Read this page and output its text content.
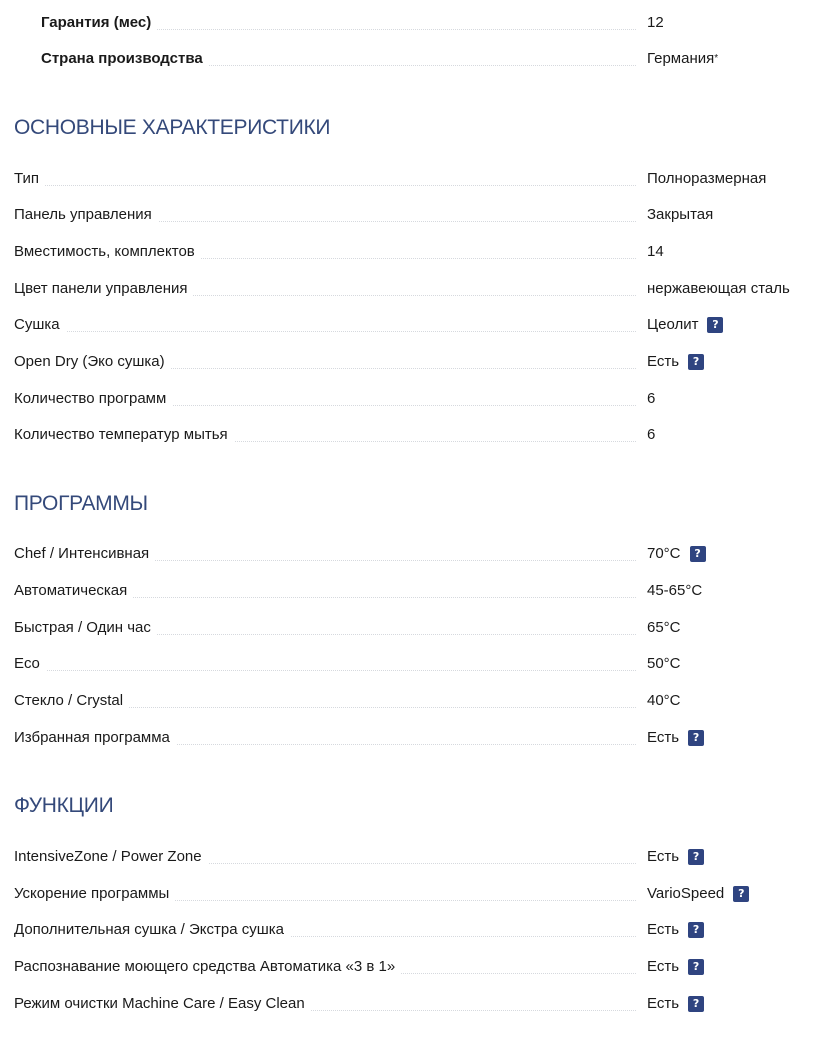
Гарантия (мес)	12
Страна производства	Германия *
ОСНОВНЫЕ ХАРАКТЕРИСТИКИ
Тип	Полноразмерная
Панель управления	Закрытая
Вместимость, комплектов	14
Цвет панели управления	нержавеющая сталь
Сушка	Цеолит	?
Open Dry (Эко сушка)	Есть	?
Количество программ	6
Количество температур мытья	6
ПРОГРАММЫ
Chef / Интенсивная	70°C	?
Автоматическая	45-65°C
Быстрая / Один час	65°C
Eco	50°C
Стекло / Crystal	40°C
Избранная программа	Есть	?
ФУНКЦИИ
IntensiveZone / Power Zone	Есть	?
Ускорение программы	VarioSpeed	?
Дополнительная сушка / Экстра сушка	Есть	?
Распознавание моющего средства Автоматика «3 в 1»	Есть	?
Режим очистки Machine Care / Easy Clean	Есть	?
